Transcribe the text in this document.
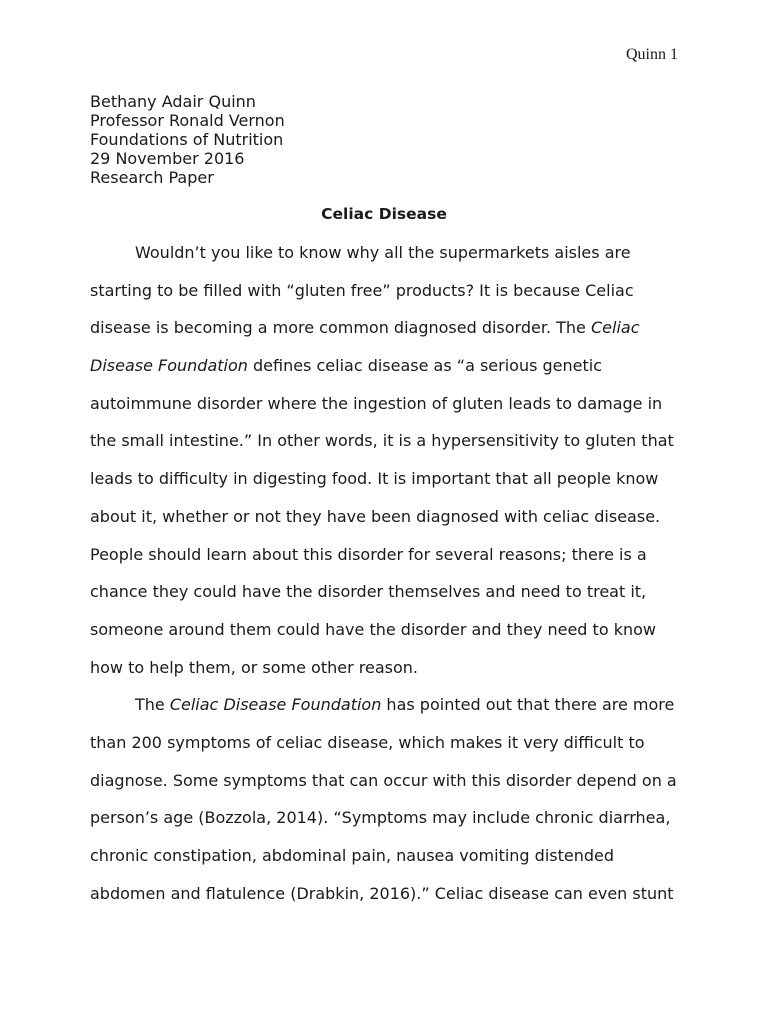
Quinn 1
Bethany Adair Quinn
Professor Ronald Vernon
Foundations of Nutrition
29 November 2016
Research Paper
Celiac Disease
Wouldn’t you like to know why all the supermarkets aisles are
starting to be filled with “gluten free” products? It is because Celiac
disease is becoming a more common diagnosed disorder. The Celiac
Disease Foundation defines celiac disease as “a serious genetic
autoimmune disorder where the ingestion of gluten leads to damage in
the small intestine.” In other words, it is a hypersensitivity to gluten that
leads to difficulty in digesting food. It is important that all people know
about it, whether or not they have been diagnosed with celiac disease.
People should learn about this disorder for several reasons; there is a
chance they could have the disorder themselves and need to treat it,
someone around them could have the disorder and they need to know
how to help them, or some other reason.
The Celiac Disease Foundation has pointed out that there are more
than 200 symptoms of celiac disease, which makes it very difficult to
diagnose. Some symptoms that can occur with this disorder depend on a
person’s age (Bozzola, 2014). “Symptoms may include chronic diarrhea,
chronic constipation, abdominal pain, nausea vomiting distended
abdomen and flatulence (Drabkin, 2016).” Celiac disease can even stunt
